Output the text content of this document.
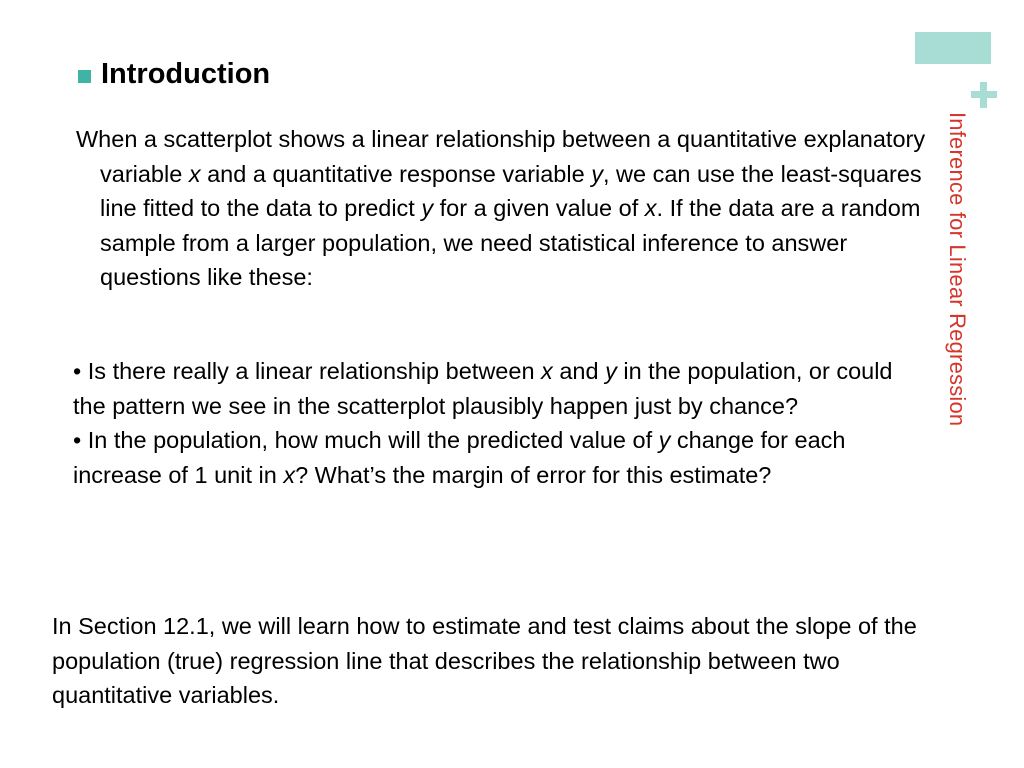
Inference for Linear Regression
Introduction

When a scatterplot shows a linear relationship between a quantitative explanatory variable x and a quantitative response variable y, we can use the least-squares line fitted to the data to predict y for a given value of x. If the data are a random sample from a larger population, we need statistical inference to answer questions like these:

• Is there really a linear relationship between x and y in the population, or could the pattern we see in the scatterplot plausibly happen just by chance?

• In the population, how much will the predicted value of y change for each increase of 1 unit in x? What’s the margin of error for this estimate?

In Section 12.1, we will learn how to estimate and test claims about the slope of the population (true) regression line that describes the relationship between two quantitative variables.
